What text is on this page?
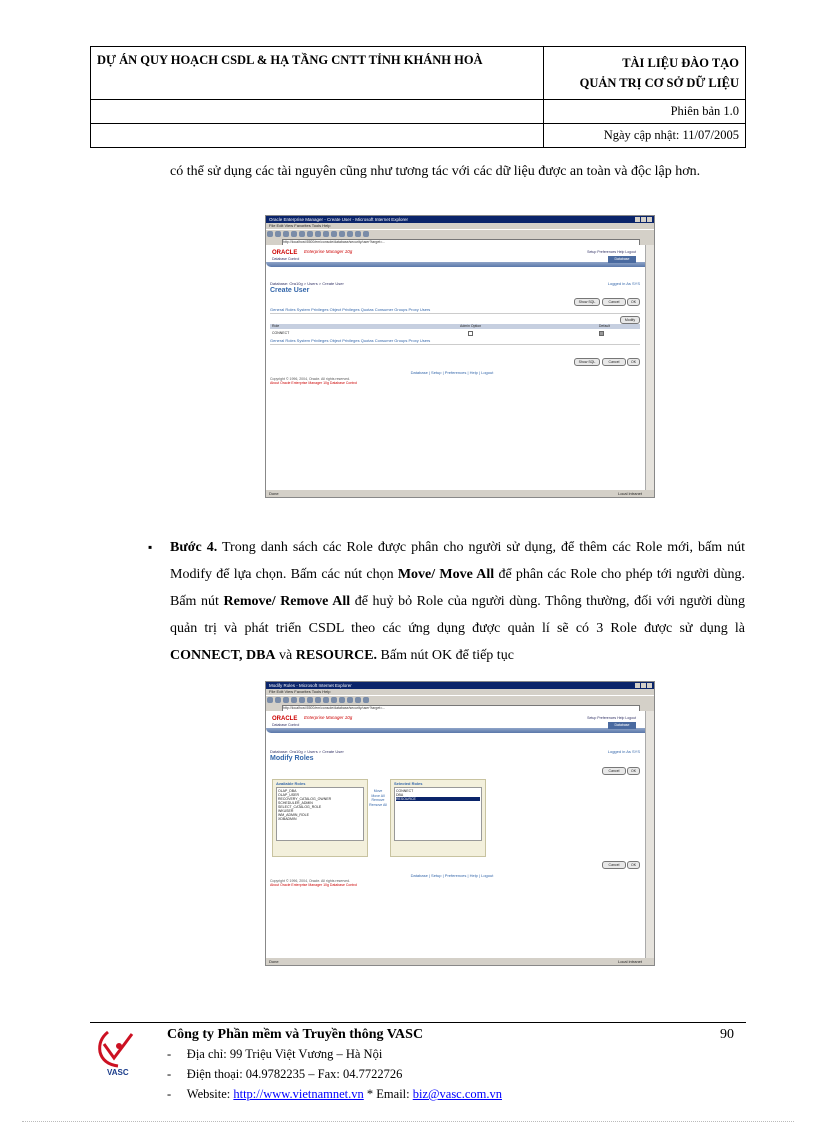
DỰ ÁN QUY HOẠCH CSDL & HẠ TẦNG CNTT TỈNH KHÁNH HOÀ	TÀI LIỆU ĐÀO TẠO
QUẢN TRỊ CƠ SỞ DỮ LIỆU

	Phiên bản 1.0
	Ngày cập nhật: 11/07/2005
có thể sử dụng các tài nguyên cũng như tương tác với các dữ liệu được an toàn và độc lập hơn.
Oracle Enterprise Manager - Create User - Microsoft Internet Explorer
File Edit View Favorites Tools Help
http://localhost:5500/em/console/database/security/user?target=...
ORACLE Enterprise Manager 10g
Database Control
Setup Preferences Help Logout
Database
Database: Ora10g > Users > Create User
Create User
Logged in As SYS
Show SQL	Cancel	OK
General Roles System Privileges Object Privileges Quotas Consumer Groups Proxy Users
Modify
Role	Admin Option	Default
CONNECT
General Roles System Privileges Object Privileges Quotas Consumer Groups Proxy Users
Show SQL	Cancel	OK
Database | Setup | Preferences | Help | Logout
Copyright © 1996, 2004, Oracle. All rights reserved.
About Oracle Enterprise Manager 10g Database Control
Done	Local intranet
▪ Bước 4. Trong danh sách các Role được phân cho người sử dụng, để thêm các Role mới, bấm nút Modify để lựa chọn. Bấm các nút chọn Move/ Move All để phân các Role cho phép tới người dùng. Bấm nút Remove/ Remove All để huỷ bỏ Role của người dùng. Thông thường, đối với người dùng quản trị và phát triển CSDL theo các ứng dụng được quản lí sẽ có 3 Role được sử dụng là CONNECT, DBA và RESOURCE. Bấm nút OK để tiếp tục
Modify Roles - Microsoft Internet Explorer
File Edit View Favorites Tools Help
http://localhost:5500/em/console/database/security/user?target=...
ORACLE Enterprise Manager 10g
Database Control
Setup Preferences Help Logout
Database
Database: Ora10g > Users > Create User
Modify Roles
Logged in As SYS
Cancel	OK
Available Roles
OLAP_DBA
OLAP_USER
RECOVERY_CATALOG_OWNER
SCHEDULER_ADMIN
SELECT_CATALOG_ROLE
WKUSER
WM_ADMIN_ROLE
XDBADMIN
Move
Move All
Remove
Remove All
Selected Roles
CONNECT
DBA
RESOURCE
Cancel	OK
Database | Setup | Preferences | Help | Logout
Copyright © 1996, 2004, Oracle. All rights reserved.
About Oracle Enterprise Manager 10g Database Control
Done	Local intranet
VASC
Công ty Phần mềm và Truyền thông VASC	90
- Địa chỉ: 99 Triệu Việt Vương – Hà Nội
- Điện thoại: 04.9782235 – Fax: 04.7722726
- Website: http://www.vietnamnet.vn * Email: biz@vasc.com.vn
